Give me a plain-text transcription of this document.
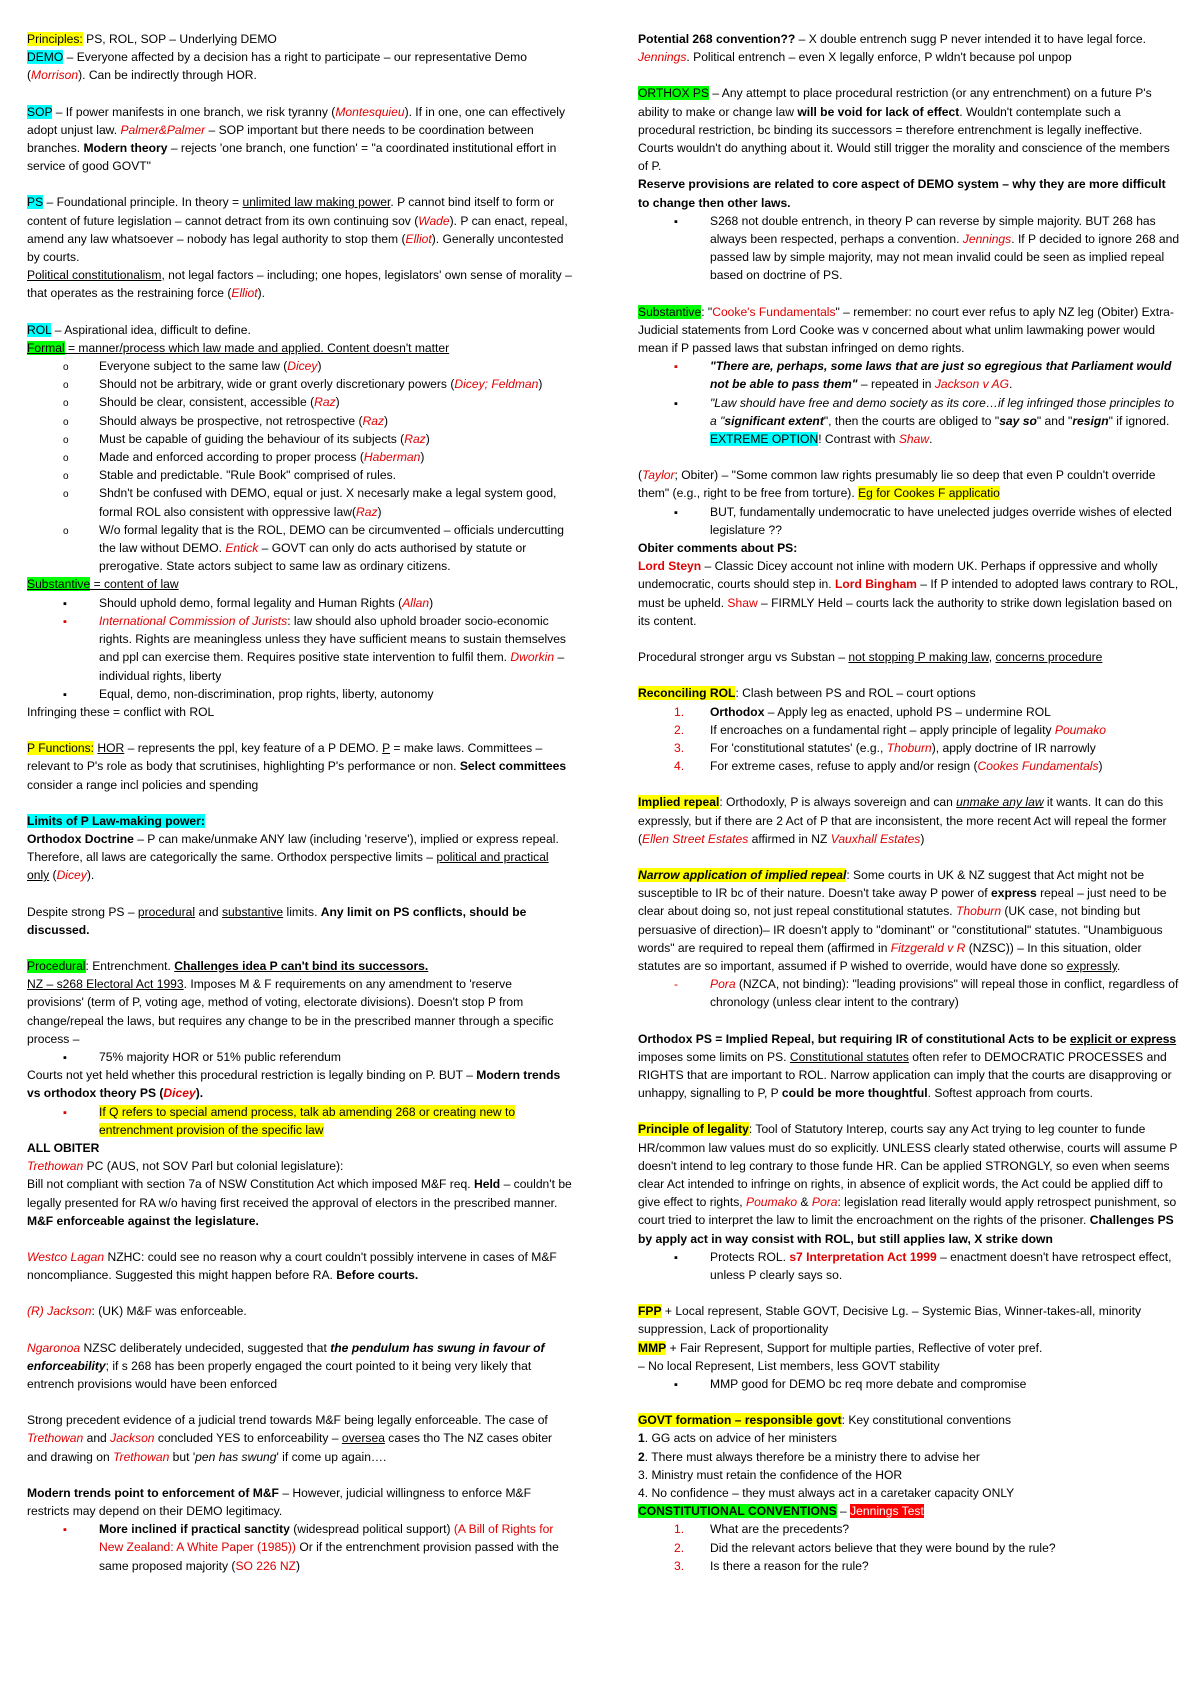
Principles: PS, ROL, SOP – Underlying DEMO

DEMO – Everyone affected by a decision has a right to participate – our representative Demo (Morrison). Can be indirectly through HOR.

SOP – If power manifests in one branch, we risk tyranny (Montesquieu). If in one, one can effectively adopt unjust law. Palmer&Palmer – SOP important but there needs to be coordination between branches. Modern theory – rejects 'one branch, one function' = "a coordinated institutional effort in service of good GOVT"

PS – Foundational principle. In theory = unlimited law making power. P cannot bind itself to form or content of future legislation – cannot detract from its own continuing sov (Wade). P can enact, repeal, amend any law whatsoever – nobody has legal authority to stop them (Elliot). Generally uncontested by courts.
Political constitutionalism, not legal factors – including; one hopes, legislators' own sense of morality – that operates as the restraining force (Elliot).

ROL – Aspirational idea, difficult to define.

Formal = manner/process which law made and applied. Content doesn't matter

o
Everyone subject to the same law (Dicey)
o
Should not be arbitrary, wide or grant overly discretionary powers (Dicey; Feldman)
o
Should be clear, consistent, accessible (Raz)
o
Should always be prospective, not retrospective (Raz)
o
Must be capable of guiding the behaviour of its subjects (Raz)
o
Made and enforced according to proper process (Haberman)
o
Stable and predictable. "Rule Book" comprised of rules.
o
Shdn't be confused with DEMO, equal or just. X necesarly make a legal system good, formal ROL also consistent with oppressive law(Raz)
o
W/o formal legality that is the ROL, DEMO can be circumvented – officials undercutting the law without DEMO. Entick – GOVT can only do acts authorised by statute or prerogative. State actors subject to same law as ordinary citizens.

Substantive = content of law

▪
Should uphold demo, formal legality and Human Rights (Allan)
▪
International Commission of Jurists: law should also uphold broader socio-economic rights. Rights are meaningless unless they have sufficient means to sustain themselves and ppl can exercise them. Requires positive state intervention to fulfil them. Dworkin – individual rights, liberty
▪
Equal, demo, non-discrimination, prop rights, liberty, autonomy

Infringing these = conflict with ROL

P Functions: HOR – represents the ppl, key feature of a P DEMO. P = make laws. Committees – relevant to P's role as body that scrutinises, highlighting P's performance or non. Select committees consider a range incl policies and spending

Limits of P Law-making power:

Orthodox Doctrine – P can make/unmake ANY law (including 'reserve'), implied or express repeal. Therefore, all laws are categorically the same. Orthodox perspective limits – political and practical only (Dicey).

Despite strong PS – procedural and substantive limits. Any limit on PS conflicts, should be discussed.

Procedural: Entrenchment. Challenges idea P can't bind its successors.
NZ – s268 Electoral Act 1993. Imposes M & F requirements on any amendment to 'reserve provisions' (term of P, voting age, method of voting, electorate divisions). Doesn't stop P from change/repeal the laws, but requires any change to be in the prescribed manner through a specific process –

▪
75% majority HOR or 51% public referendum

Courts not yet held whether this procedural restriction is legally binding on P. BUT – Modern trends vs orthodox theory PS (Dicey).

▪
If Q refers to special amend process, talk ab amending 268 or creating new to entrenchment provision of the specific law

ALL OBITER

Trethowan PC (AUS, not SOV Parl but colonial legislature):

Bill not compliant with section 7a of NSW Constitution Act which imposed M&F req. Held – couldn't be legally presented for RA w/o having first received the approval of electors in the prescribed manner. M&F enforceable against the legislature.

Westco Lagan NZHC: could see no reason why a court couldn't possibly intervene in cases of M&F noncompliance. Suggested this might happen before RA. Before courts.

(R) Jackson: (UK) M&F was enforceable.

Ngaronoa NZSC deliberately undecided, suggested that the pendulum has swung in favour of enforceability; if s 268 has been properly engaged the court pointed to it being very likely that entrench provisions would have been enforced

Strong precedent evidence of a judicial trend towards M&F being legally enforceable. The case of Trethowan and Jackson concluded YES to enforceability – oversea cases tho The NZ cases obiter and drawing on Trethowan but 'pen has swung' if come up again….

Modern trends point to enforcement of M&F – However, judicial willingness to enforce M&F restricts may depend on their DEMO legitimacy.

▪
More inclined if practical sanctity (widespread political support) (A Bill of Rights for New Zealand: A White Paper (1985)) Or if the entrenchment provision passed with the same proposed majority (SO 226 NZ)

Potential 268 convention?? – X double entrench sugg P never intended it to have legal force. Jennings. Political entrench – even X legally enforce, P wldn't because pol unpop

ORTHOX PS – Any attempt to place procedural restriction (or any entrenchment) on a future P's ability to make or change law will be void for lack of effect. Wouldn't contemplate such a procedural restriction, bc binding its successors = therefore entrenchment is legally ineffective. Courts wouldn't do anything about it. Would still trigger the morality and conscience of the members of P.

Reserve provisions are related to core aspect of DEMO system – why they are more difficult to change then other laws.

▪
S268 not double entrench, in theory P can reverse by simple majority. BUT 268 has always been respected, perhaps a convention. Jennings. If P decided to ignore 268 and passed law by simple majority, may not mean invalid could be seen as implied repeal based on doctrine of PS.

Substantive: "Cooke's Fundamentals" – remember: no court ever refus to aply NZ leg (Obiter) Extra-Judicial statements from Lord Cooke was v concerned about what unlim lawmaking power would mean if P passed laws that substan infringed on demo rights.

▪
"There are, perhaps, some laws that are just so egregious that Parliament would not be able to pass them" – repeated in Jackson v AG.
▪
"Law should have free and demo society as its core…if leg infringed those principles to a "significant extent", then the courts are obliged to "say so" and "resign" if ignored. EXTREME OPTION! Contrast with Shaw.

(Taylor; Obiter) – "Some common law rights presumably lie so deep that even P couldn't override them" (e.g., right to be free from torture). Eg for Cookes F applicatio

▪
BUT, fundamentally undemocratic to have unelected judges override wishes of elected legislature ??

Obiter comments about PS:

Lord Steyn – Classic Dicey account not inline with modern UK. Perhaps if oppressive and wholly undemocratic, courts should step in. Lord Bingham – If P intended to adopted laws contrary to ROL, must be upheld. Shaw – FIRMLY Held – courts lack the authority to strike down legislation based on its content.

Procedural stronger argu vs Substan – not stopping P making law, concerns procedure

Reconciling ROL: Clash between PS and ROL – court options

1.	Orthodox – Apply leg as enacted, uphold PS – undermine ROL
2.	If encroaches on a fundamental right – apply principle of legality Poumako
3.	For 'constitutional statutes' (e.g., Thoburn), apply doctrine of IR narrowly
4.	For extreme cases, refuse to apply and/or resign (Cookes Fundamentals)

Implied repeal: Orthodoxly, P is always sovereign and can unmake any law it wants. It can do this expressly, but if there are 2 Act of P that are inconsistent, the more recent Act will repeal the former (Ellen Street Estates affirmed in NZ Vauxhall Estates)

Narrow application of implied repeal: Some courts in UK & NZ suggest that Act might not be susceptible to IR bc of their nature. Doesn't take away P power of express repeal – just need to be clear about doing so, not just repeal constitutional statutes. Thoburn (UK case, not binding but persuasive of direction)– IR doesn't apply to "dominant" or "constitutional" statutes. "Unambiguous words" are required to repeal them (affirmed in Fitzgerald v R (NZSC)) – In this situation, older statutes are so important, assumed if P wished to override, would have done so expressly.

-
Pora (NZCA, not binding): "leading provisions" will repeal those in conflict, regardless of chronology (unless clear intent to the contrary)

Orthodox PS = Implied Repeal, but requiring IR of constitutional Acts to be explicit or express imposes some limits on PS. Constitutional statutes often refer to DEMOCRATIC PROCESSES and RIGHTS that are important to ROL. Narrow application can imply that the courts are disapproving or unhappy, signalling to P, P could be more thoughtful. Softest approach from courts.

Principle of legality: Tool of Statutory Interep, courts say any Act trying to leg counter to funde HR/common law values must do so explicitly. UNLESS clearly stated otherwise, courts will assume P doesn't intend to leg contrary to those funde HR. Can be applied STRONGLY, so even when seems clear Act intended to infringe on rights, in absence of explicit words, the Act could be applied diff to give effect to rights, Poumako & Pora: legislation read literally would apply retrospect punishment, so court tried to interpret the law to limit the encroachment on the rights of the prisoner. Challenges PS by apply act in way consist with ROL, but still applies law, X strike down

▪
Protects ROL. s7 Interpretation Act 1999 – enactment doesn't have retrospect effect, unless P clearly says so.

FPP + Local represent, Stable GOVT, Decisive Lg. – Systemic Bias, Winner-takes-all, minority suppression, Lack of proportionality

MMP + Fair Represent, Support for multiple parties, Reflective of voter pref.

– No local Represent, List members, less GOVT stability

▪
MMP good for DEMO bc req more debate and compromise

GOVT formation – responsible govt: Key constitutional conventions

1. GG acts on advice of her ministers

2. There must always therefore be a ministry there to advise her

3. Ministry must retain the confidence of the HOR

4. No confidence – they must always act in a caretaker capacity ONLY

CONSTITUTIONAL CONVENTIONS – Jennings Test

1.	What are the precedents?
2.	Did the relevant actors believe that they were bound by the rule?
3.	Is there a reason for the rule?
